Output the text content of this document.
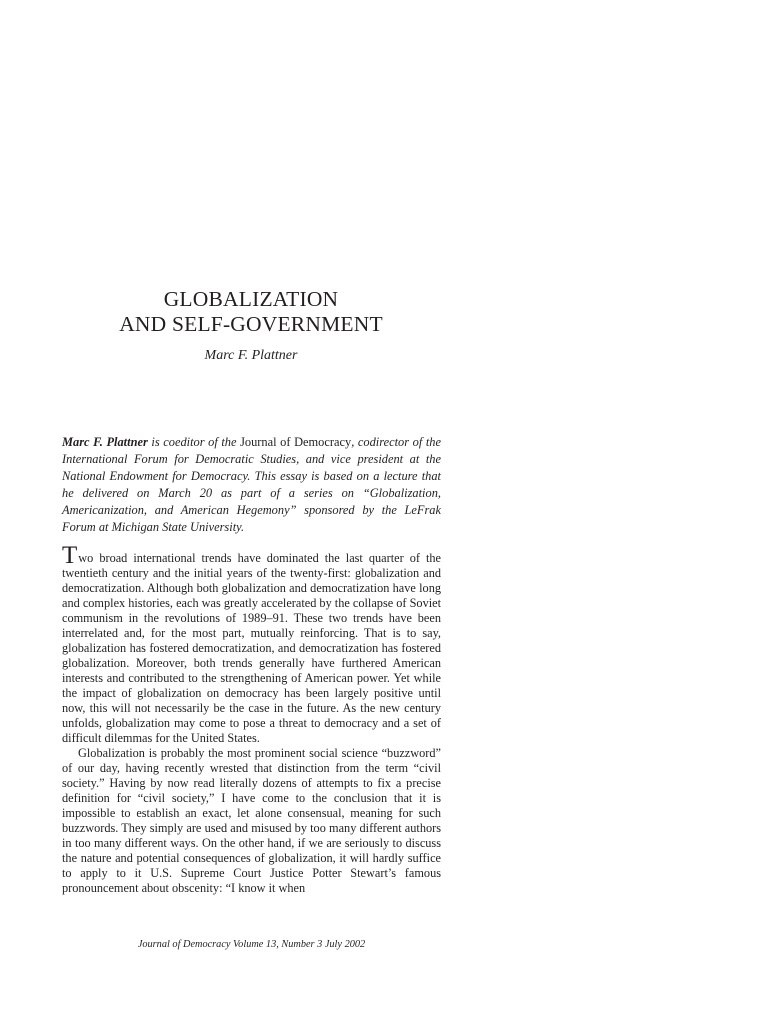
GLOBALIZATION
AND SELF-GOVERNMENT

Marc F. Plattner

Marc F. Plattner is coeditor of the Journal of Democracy, codirector of the International Forum for Democratic Studies, and vice president at the National Endowment for Democracy. This essay is based on a lecture that he delivered on March 20 as part of a series on “Globalization, Americanization, and American Hegemony” sponsored by the LeFrak Forum at Michigan State University.

Two broad international trends have dominated the last quarter of the twentieth century and the initial years of the twenty-first: globalization and democratization. Although both globalization and democratization have long and complex histories, each was greatly accelerated by the collapse of Soviet communism in the revolutions of 1989–91. These two trends have been interrelated and, for the most part, mutually reinforcing. That is to say, globalization has fostered democratization, and democratization has fostered globalization. Moreover, both trends generally have furthered American interests and contributed to the strengthening of American power. Yet while the impact of globalization on democracy has been largely positive until now, this will not necessarily be the case in the future. As the new century unfolds, globalization may come to pose a threat to democracy and a set of difficult dilemmas for the United States.

Globalization is probably the most prominent social science “buzzword” of our day, having recently wrested that distinction from the term “civil society.” Having by now read literally dozens of attempts to fix a precise definition for “civil society,” I have come to the conclusion that it is impossible to establish an exact, let alone consensual, meaning for such buzzwords. They simply are used and misused by too many different authors in too many different ways. On the other hand, if we are seriously to discuss the nature and potential consequences of globalization, it will hardly suffice to apply to it U.S. Supreme Court Justice Potter Stewart’s famous pronouncement about obscenity: “I know it when

Journal of Democracy Volume 13, Number 3 July 2002
